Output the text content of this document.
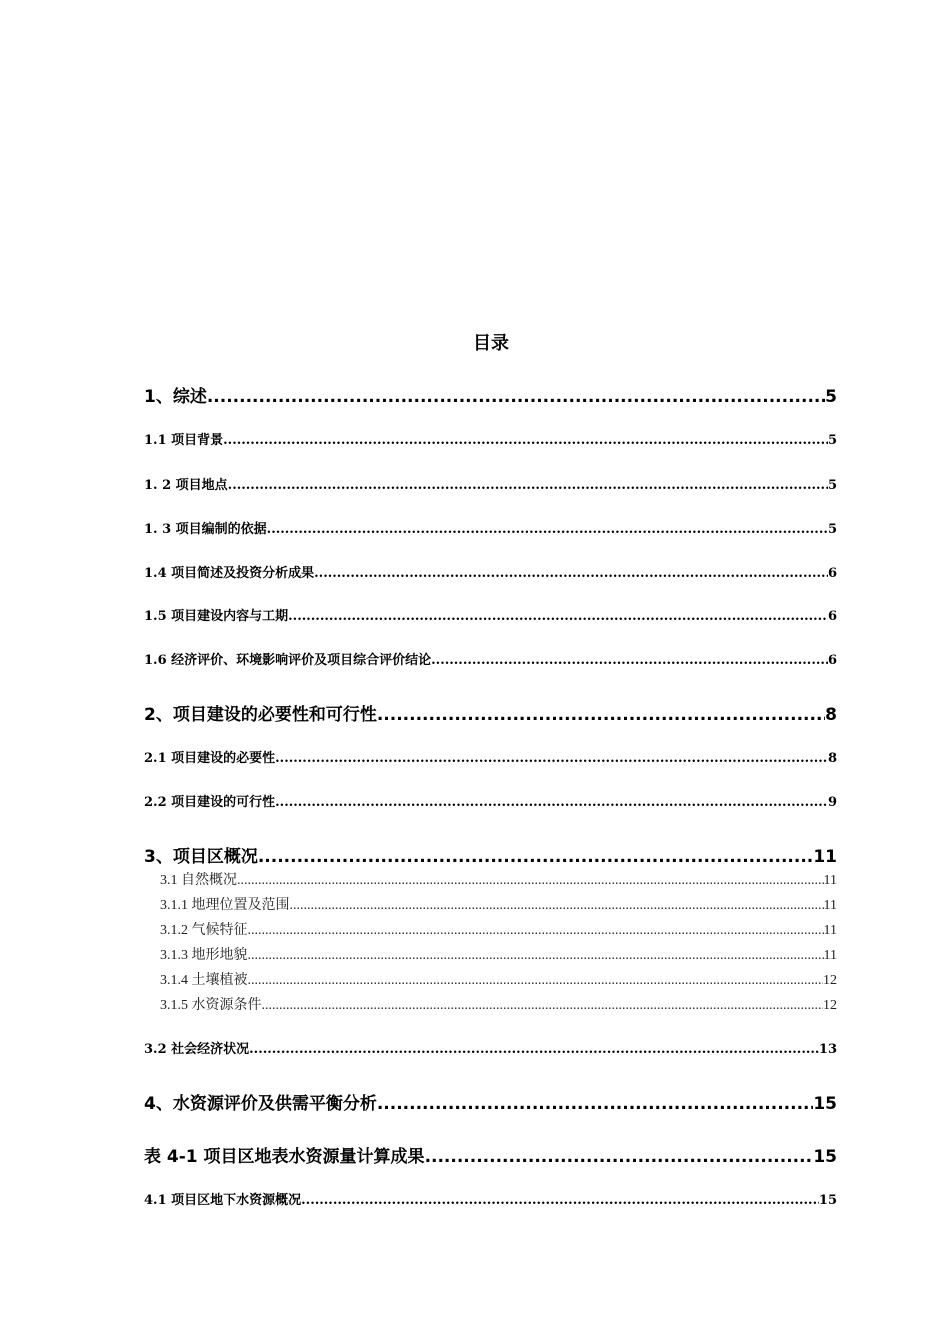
目录
1、综述 .....	5
1.1 项目背景 .....	5
1. 2 项目地点 .....	5
1. 3 项目编制的依据 .....	5
1.4 项目简述及投资分析成果 .....	6
1.5 项目建设内容与工期 .....	6
1.6 经济评价、环境影响评价及项目综合评价结论 .....	6
2、项目建设的必要性和可行性 .....	8
2.1 项目建设的必要性 .....	8
2.2 项目建设的可行性 .....	9
3、项目区概况 .....	11
3.1 自然概况 .....	11
3.1.1 地理位置及范围 .....	11
3.1.2 气候特征 .....	11
3.1.3 地形地貌 .....	11
3.1.4 土壤植被 .....	12
3.1.5 水资源条件 .....	12
3.2 社会经济状况 .....	13
4、水资源评价及供需平衡分析 .....	15
表 4-1 项目区地表水资源量计算成果 .....	15
4.1 项目区地下水资源概况 .....	15
